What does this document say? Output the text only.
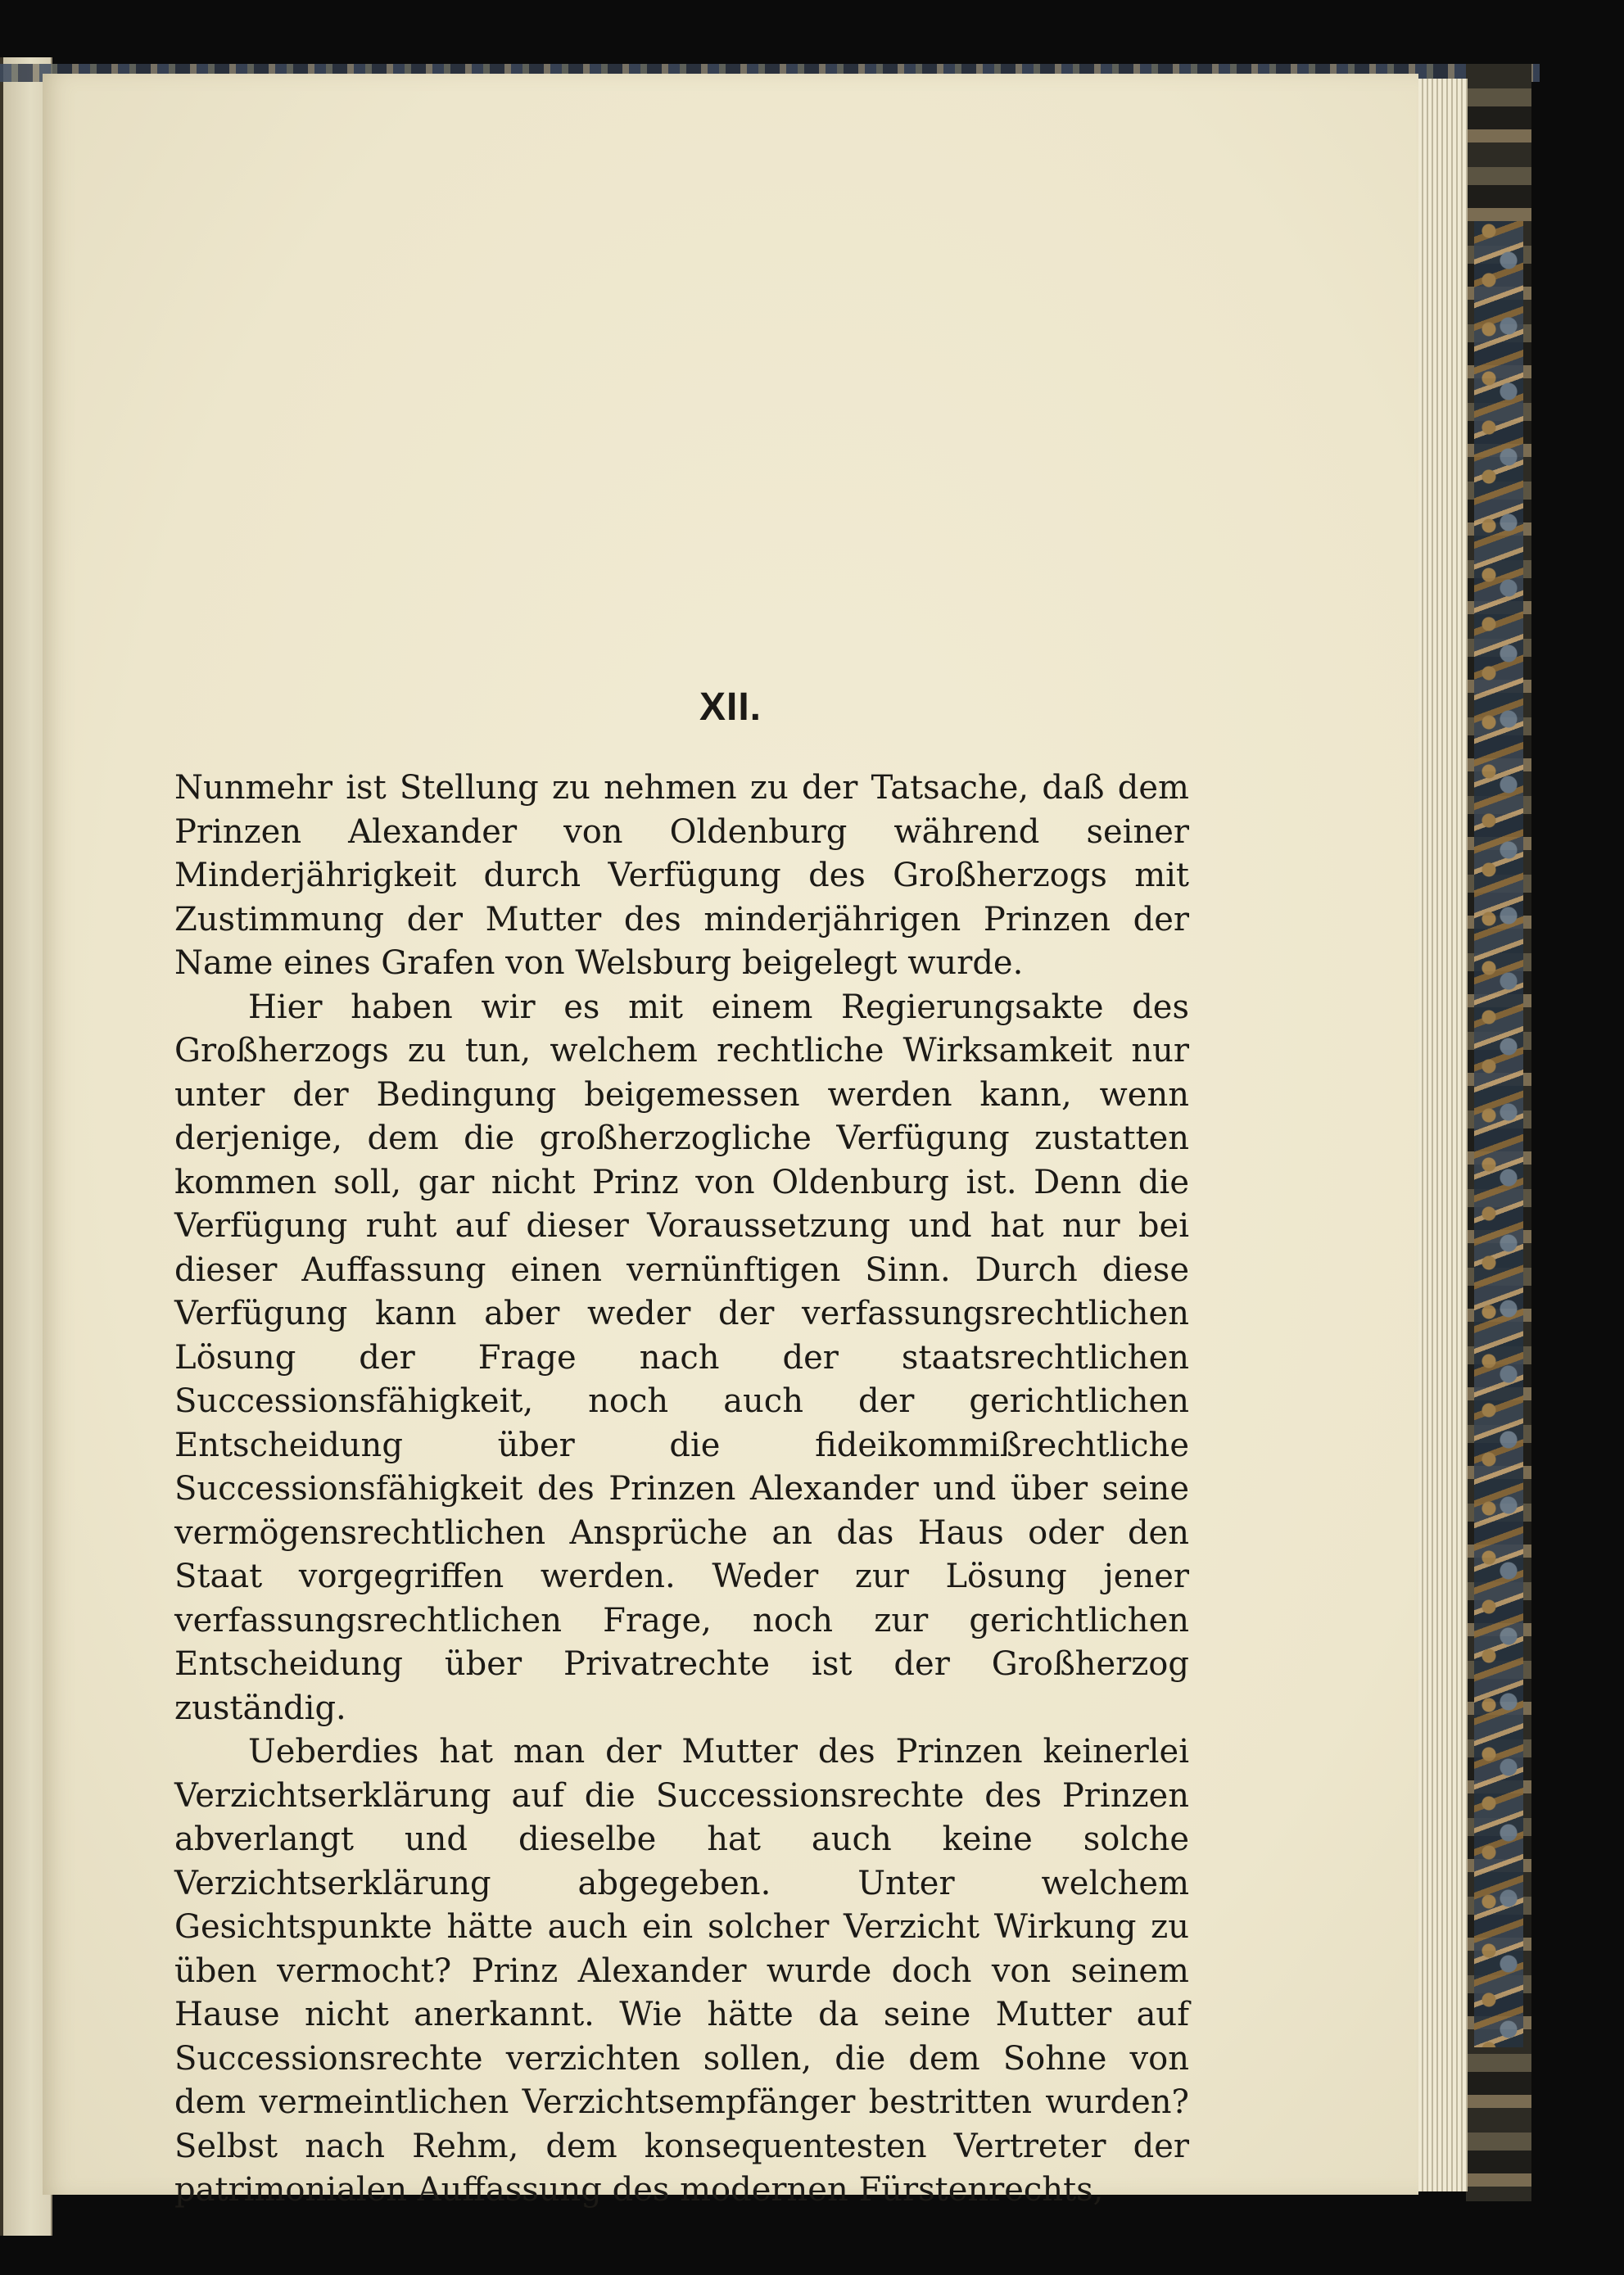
XII.

Nunmehr ist Stellung zu nehmen zu der Tatsache, daß dem Prinzen Alexander von Oldenburg während seiner Minderjährigkeit durch Verfügung des Großherzogs mit Zustimmung der Mutter des minderjährigen Prinzen der Name eines Grafen von Welsburg beigelegt wurde.

Hier haben wir es mit einem Regierungsakte des Großherzogs zu tun, welchem rechtliche Wirksamkeit nur unter der Bedingung beigemessen werden kann, wenn derjenige, dem die großherzogliche Verfügung zustatten kommen soll, gar nicht Prinz von Oldenburg ist. Denn die Verfügung ruht auf dieser Voraussetzung und hat nur bei dieser Auffassung einen vernünftigen Sinn. Durch diese Verfügung kann aber weder der verfassungsrechtlichen Lösung der Frage nach der staatsrechtlichen Successionsfähigkeit, noch auch der gerichtlichen Entscheidung über die fideikommißrechtliche Successionsfähigkeit des Prinzen Alexander und über seine vermögensrechtlichen Ansprüche an das Haus oder den Staat vorgegriffen werden. Weder zur Lösung jener verfassungsrechtlichen Frage, noch zur gerichtlichen Entscheidung über Privatrechte ist der Großherzog zuständig.

Ueberdies hat man der Mutter des Prinzen keinerlei Verzichtserklärung auf die Successionsrechte des Prinzen abverlangt und dieselbe hat auch keine solche Verzichtserklärung abgegeben. Unter welchem Gesichtspunkte hätte auch ein solcher Verzicht Wirkung zu üben vermocht? Prinz Alexander wurde doch von seinem Hause nicht anerkannt. Wie hätte da seine Mutter auf Successionsrechte verzichten sollen, die dem Sohne von dem vermeintlichen Verzichtsempfänger bestritten wurden? Selbst nach Rehm, dem konsequentesten Vertreter der patrimonialen Auffassung des modernen Fürstenrechts,
